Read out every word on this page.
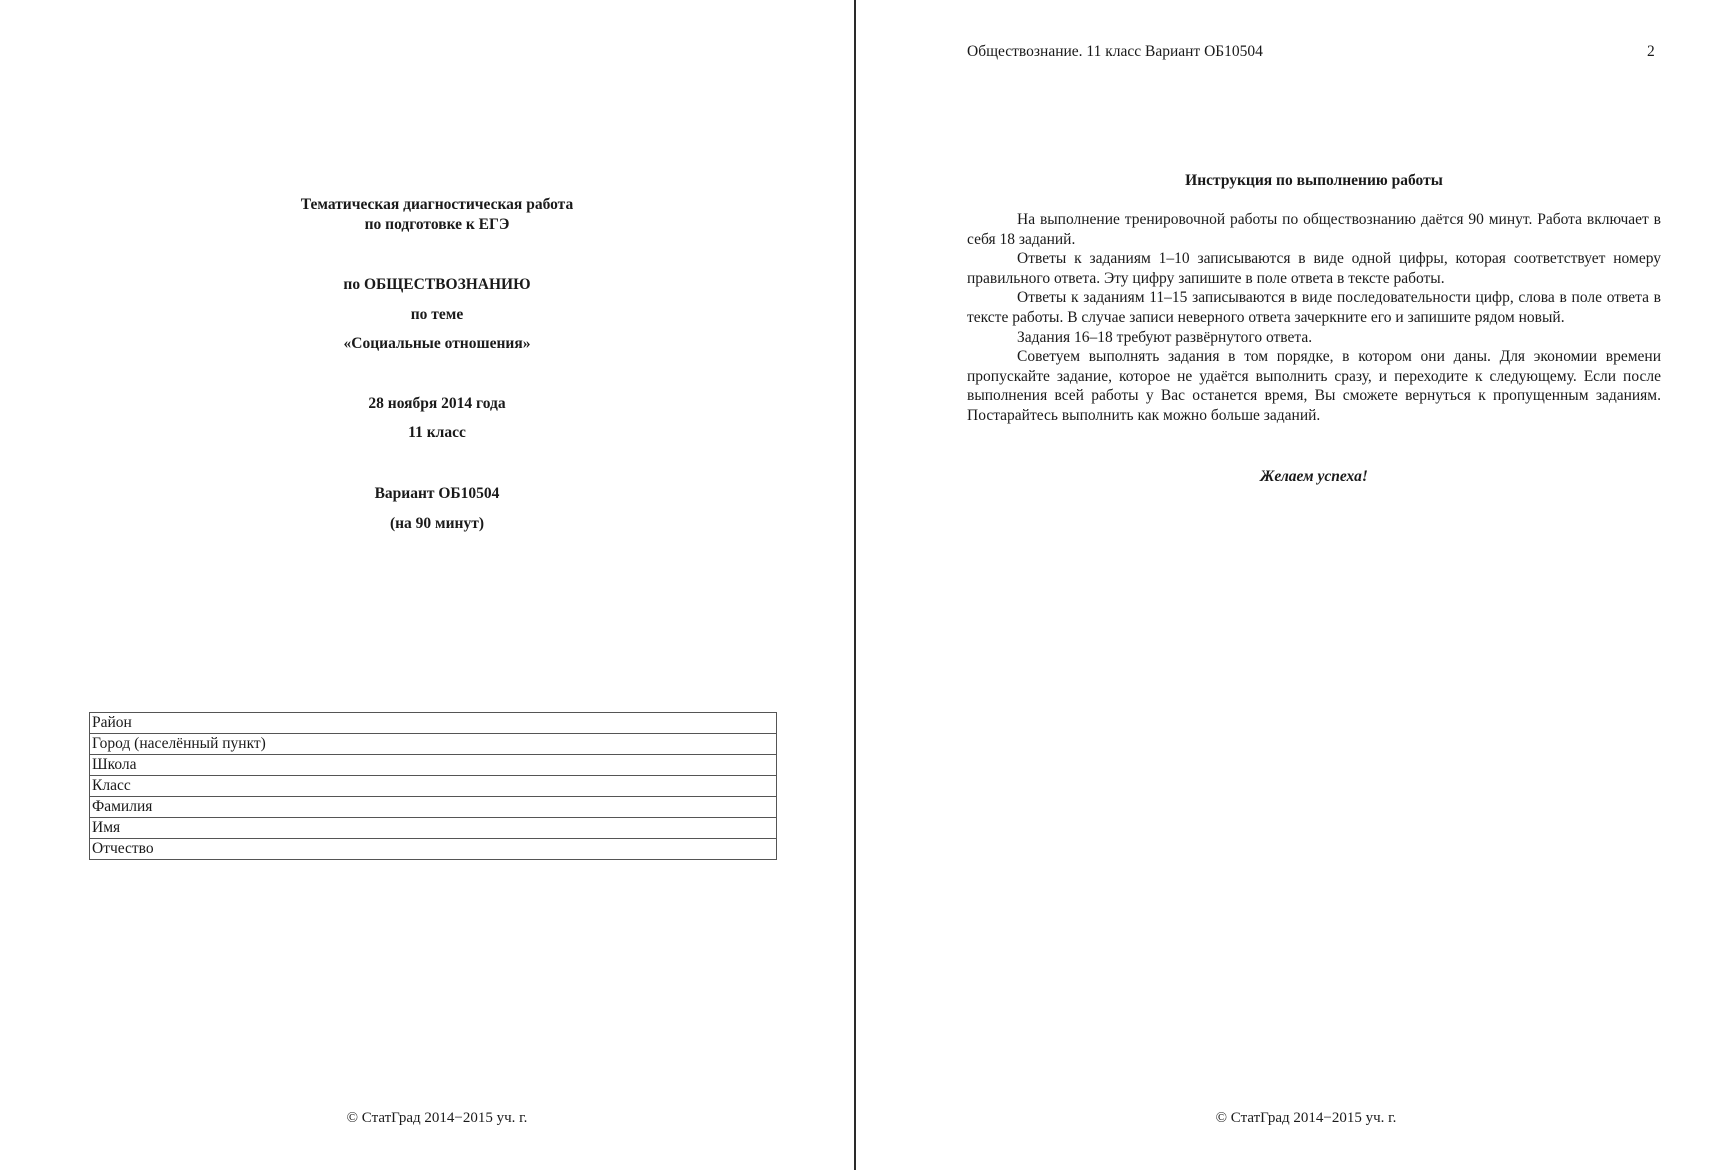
Тематическая диагностическая работа
по подготовке к ЕГЭ
по ОБЩЕСТВОЗНАНИЮ
по теме
«Социальные отношения»
28 ноября 2014 года
11 класс
Вариант ОБ10504
(на 90 минут)
Район
Город (населённый пункт)
Школа
Класс
Фамилия
Имя
Отчество
© СтатГрад 2014−2015 уч. г.
Обществознание. 11 класс Вариант ОБ10504	2
Инструкция по выполнению работы

На выполнение тренировочной работы по обществознанию даётся 90 минут. Работа включает в себя 18 заданий.

Ответы к заданиям 1–10 записываются в виде одной цифры, которая соответствует номеру правильного ответа. Эту цифру запишите в поле ответа в тексте работы.

Ответы к заданиям 11–15 записываются в виде последовательности цифр, слова в поле ответа в тексте работы. В случае записи неверного ответа зачеркните его и запишите рядом новый.

Задания 16–18 требуют развёрнутого ответа.

Советуем выполнять задания в том порядке, в котором они даны. Для экономии времени пропускайте задание, которое не удаётся выполнить сразу, и переходите к следующему. Если после выполнения всей работы у Вас останется время, Вы сможете вернуться к пропущенным заданиям. Постарайтесь выполнить как можно больше заданий.

Желаем успеха!
© СтатГрад 2014−2015 уч. г.
